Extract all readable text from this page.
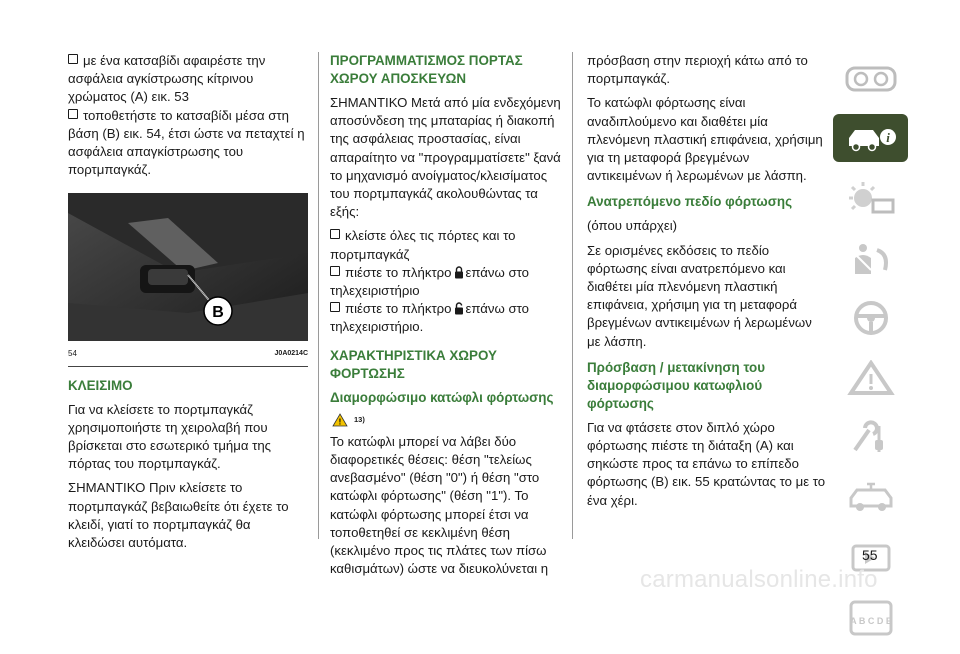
με ένα κατσαβίδι αφαιρέστε την ασφάλεια αγκίστρωσης κίτρινου χρώματος (A) εικ. 53
τοποθετήστε το κατσαβίδι μέσα στη βάση (B) εικ. 54, έτσι ώστε να πεταχτεί η ασφάλεια απαγκίστρωσης του πορτμπαγκάζ.
B
54	J0A0214C
ΚΛΕΙΣΙΜΟ

Για να κλείσετε το πορτμπαγκάζ χρησιμοποιήστε τη χειρολαβή που βρίσκεται στο εσωτερικό τμήμα της πόρτας του πορτμπαγκάζ.

ΣΗΜΑΝΤΙΚΟ Πριν κλείσετε το πορτμπαγκάζ βεβαιωθείτε ότι έχετε το κλειδί, γιατί το πορτμπαγκάζ θα κλειδώσει αυτόματα.

ΠΡΟΓΡΑΜΜΑΤΙΣΜΟΣ ΠΟΡΤΑΣ ΧΩΡΟΥ ΑΠΟΣΚΕΥΩΝ

ΣΗΜΑΝΤΙΚΟ Μετά από μία ενδεχόμενη αποσύνδεση της μπαταρίας ή διακοπή της ασφάλειας προστασίας, είναι απαραίτητο να "προγραμματίσετε" ξανά το μηχανισμό ανοίγματος/κλεισίματος του πορτμπαγκάζ ακολουθώντας τα εξής:

κλείστε όλες τις πόρτες και το πορτμπαγκάζ
πιέστε το πλήκτρο επάνω στο τηλεχειριστήριο
πιέστε το πλήκτρο επάνω στο τηλεχειριστήριο.
ΧΑΡΑΚΤΗΡΙΣΤΙΚΑ ΧΩΡΟΥ ΦΟΡΤΩΣΗΣ
Διαμορφώσιμο κατώφλι φόρτωσης
! 13)

Το κατώφλι μπορεί να λάβει δύο διαφορετικές θέσεις: θέση "τελείως ανεβασμένο" (θέση "0") ή θέση "στο κατώφλι φόρτωσης" (θέση "1"). Το κατώφλι φόρτωσης μπορεί έτσι να τοποθετηθεί σε κεκλιμένη θέση (κεκλιμένο προς τις πλάτες των πίσω καθισμάτων) ώστε να διευκολύνεται η

πρόσβαση στην περιοχή κάτω από το πορτμπαγκάζ.

Το κατώφλι φόρτωσης είναι αναδιπλούμενο και διαθέτει μία πλενόμενη πλαστική επιφάνεια, χρήσιμη για τη μεταφορά βρεγμένων αντικειμένων ή λερωμένων με λάσπη.

Ανατρεπόμενο πεδίο φόρτωσης

(όπου υπάρχει)

Σε ορισμένες εκδόσεις το πεδίο φόρτωσης είναι ανατρεπόμενο και διαθέτει μία πλενόμενη πλαστική επιφάνεια, χρήσιμη για τη μεταφορά βρεγμένων αντικειμένων ή λερωμένων με λάσπη.

Πρόσβαση / μετακίνηση του διαμορφώσιμου κατωφλιού φόρτωσης

Για να φτάσετε στον διπλό χώρο φόρτωσης πιέστε τη διάταξη (A) και σηκώστε προς τα επάνω το επίπεδο φόρτωσης (B) εικ. 55 κρατώντας το με το ένα χέρι.

i
A B C D E
55
carmanualsonline.info
